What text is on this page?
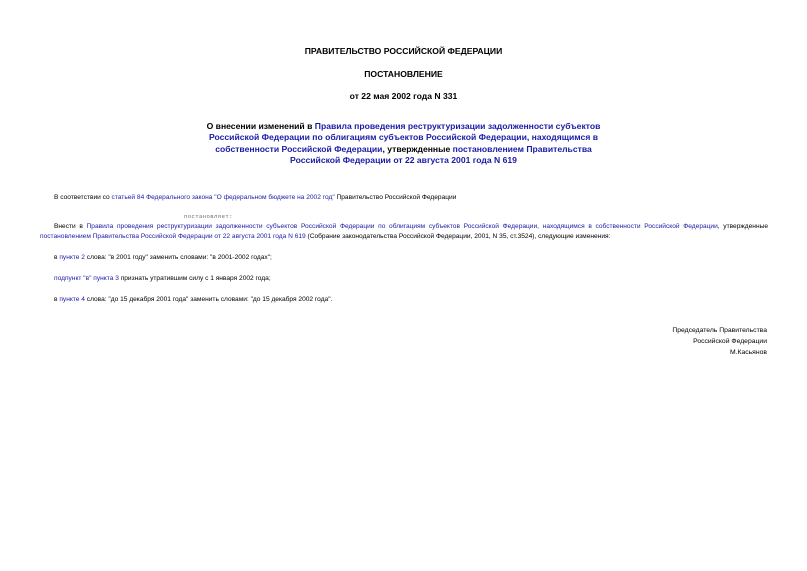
ПРАВИТЕЛЬСТВО РОССИЙСКОЙ ФЕДЕРАЦИИ
ПОСТАНОВЛЕНИЕ
от 22 мая 2002 года N 331
О внесении изменений в Правила проведения реструктуризации задолженности субъектов Российской Федерации по облигациям субъектов Российской Федерации, находящимся в собственности Российской Федерации, утвержденные постановлением Правительства Российской Федерации от 22 августа 2001 года N 619
В соответствии со статьей 84 Федерального закона "О федеральном бюджете на 2002 год" Правительство Российской Федерации
постановляет:
Внести в Правила проведения реструктуризации задолженности субъектов Российской Федерации по облигациям субъектов Российской Федерации, находящимся в собственности Российской Федерации, утвержденные постановлением Правительства Российской Федерации от 22 августа 2001 года N 619 (Собрание законодательства Российской Федерации, 2001, N 35, ст.3524), следующие изменения:
в пункте 2 слова: "в 2001 году" заменить словами: "в 2001-2002 годах";
подпункт "в" пункта 3 признать утратившим силу с 1 января 2002 года;
в пункте 4 слова: "до 15 декабря 2001 года" заменить словами: "до 15 декабря 2002 года".
Председатель Правительства
Российской Федерации
М.Касьянов
